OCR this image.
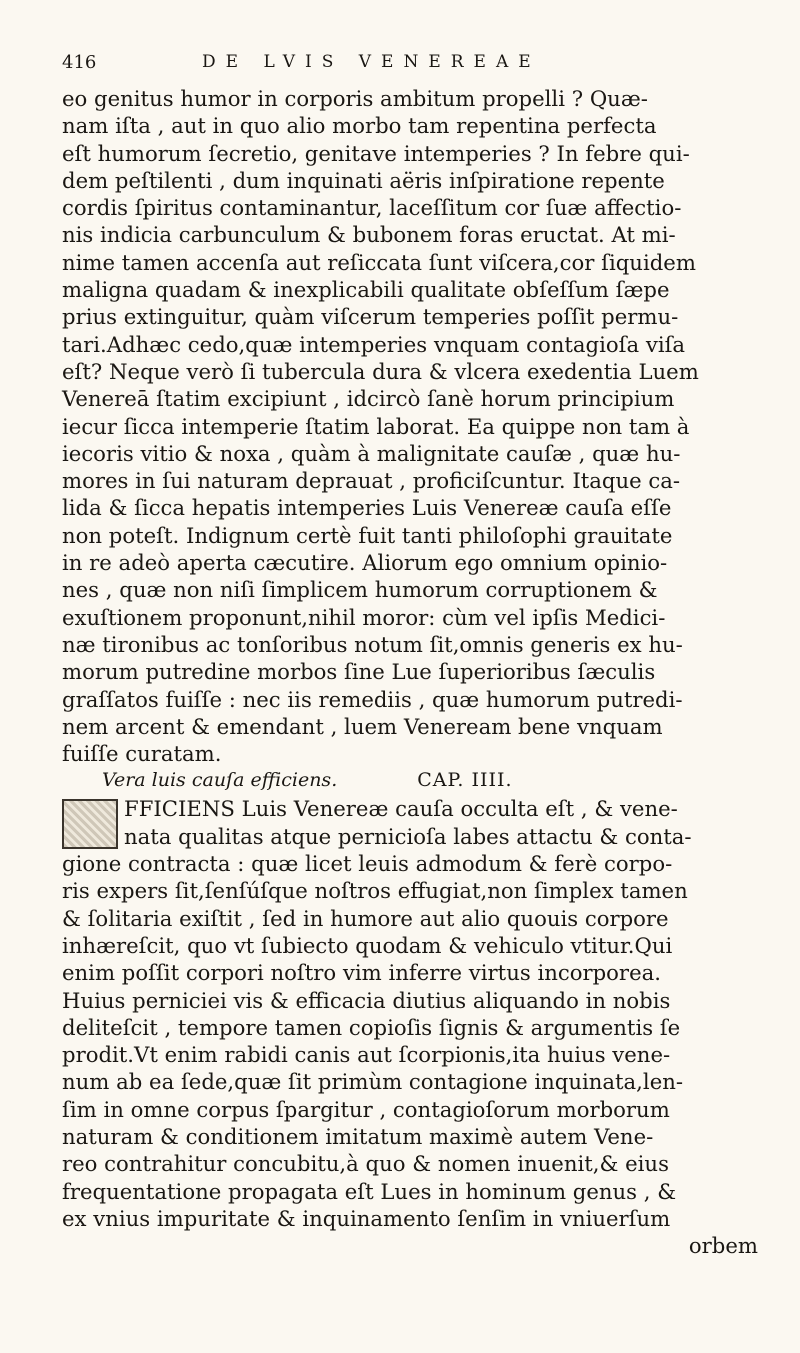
416	DE LVIS VENEREAE
eo genitus humor in corporis ambitum propelli ? Quæ-
nam iſta , aut in quo alio morbo tam repentina perfecta
eſt humorum ſecretio, genitave intemperies ? In febre qui-
dem peſtilenti , dum inquinati aëris inſpiratione repente
cordis ſpiritus contaminantur, laceſſitum cor ſuæ affectio-
nis indicia carbunculum & bubonem foras eructat. At mi-
nime tamen accenſa aut reſiccata ſunt viſcera,cor ſiquidem
maligna quadam & inexplicabili qualitate obſeſſum ſæpe
prius extinguitur, quàm viſcerum temperies poſſit permu-
tari.Adhæc cedo,quæ intemperies vnquam contagioſa viſa
eſt? Neque verò ſi tubercula dura & vlcera exedentia Luem
Venereā ſtatim excipiunt , idcircò ſanè horum principium
iecur ſicca intemperie ſtatim laborat. Ea quippe non tam à
iecoris vitio & noxa , quàm à malignitate cauſæ , quæ hu-
mores in ſui naturam deprauat , proficiſcuntur. Itaque ca-
lida & ſicca hepatis intemperies Luis Venereæ cauſa eſſe
non poteſt. Indignum certè fuit tanti philoſophi grauitate
in re adeò aperta cæcutire. Aliorum ego omnium opinio-
nes , quæ non niſi ſimplicem humorum corruptionem &
exuſtionem proponunt,nihil moror: cùm vel ipſis Medici-
næ tironibus ac tonſoribus notum ſit,omnis generis ex hu-
morum putredine morbos ſine Lue ſuperioribus ſæculis
graſſatos fuiſſe : nec iis remediis , quæ humorum putredi-
nem arcent & emendant , luem Veneream bene vnquam
fuiſſe curatam.
Vera luis cauſa efficiens.	CAP. IIII.
FFICIENS Luis Venereæ cauſa occulta eſt , & vene-
nata qualitas atque pernicioſa labes attactu & conta-
gione contracta : quæ licet leuis admodum & ferè corpo-
ris expers ſit,ſenſúſque noſtros effugiat,non ſimplex tamen
& ſolitaria exiſtit , ſed in humore aut alio quouis corpore
inhæreſcit, quo vt ſubiecto quodam & vehiculo vtitur.Qui
enim poſſit corpori noſtro vim inferre virtus incorporea.
Huius perniciei vis & efficacia diutius aliquando in nobis
deliteſcit , tempore tamen copioſis ſignis & argumentis ſe
prodit.Vt enim rabidi canis aut ſcorpionis,ita huius vene-
num ab ea ſede,quæ ſit primùm contagione inquinata,len-
ſim in omne corpus ſpargitur , contagioſorum morborum
naturam & conditionem imitatum maximè autem Vene-
reo contrahitur concubitu,à quo & nomen inuenit,& eius
frequentatione propagata eſt Lues in hominum genus , &
ex vnius impuritate & inquinamento ſenſim in vniuerſum
orbem
